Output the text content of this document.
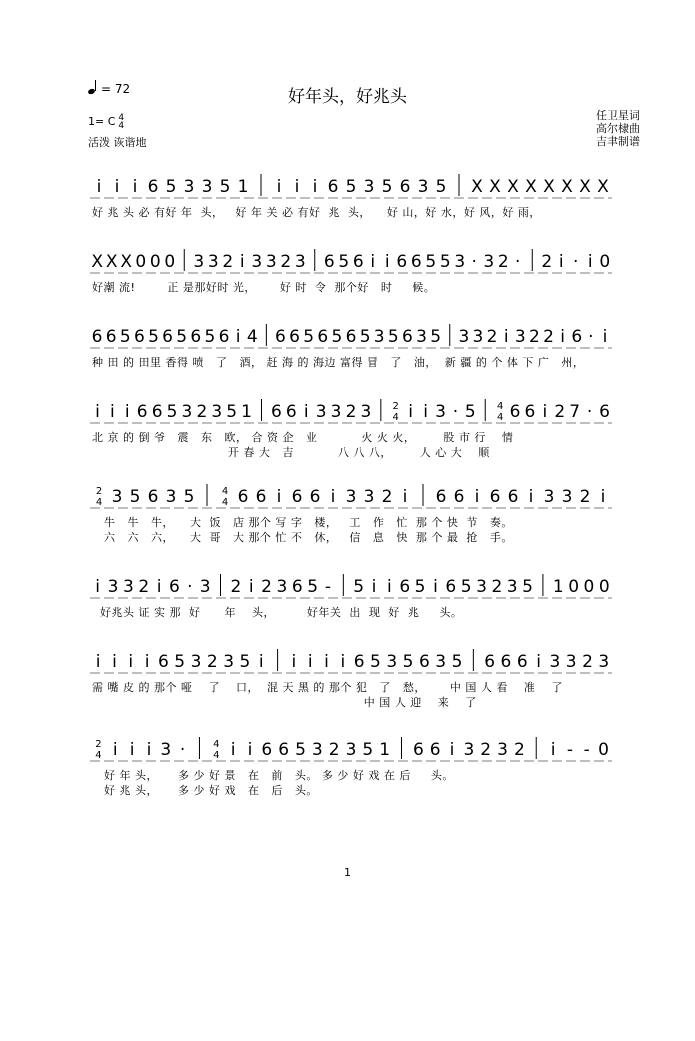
好年头，好兆头
= 72
1= C 4
4
活泼 诙谐地
任卫星词
高尔棣曲
吉聿制谱
i i i 6 5 3 3 5 1 i i i 6 5 3 5 6 3 5 X X X X X X X X
好 兆 头 必 有好 年  头，   好 年 关 必 有好  兆  头，    好 山，好 水，好 风，好 雨，
X X X 0 0 0 3 3 2 i 3 3 2 3 6 5 6 i i 6 6 5 5 3 · 3 2 · 2 i · i 0
好潮 流!        正 是那好时 光，      好 时  令  那个好   时     候。
6 6 5 6 5 6 5 6 5 6 i 4 6 6 5 6 5 6 5 3 5 6 3 5 3 3 2 i 3 2 2 i 6 · i
种 田 的 田里 香得 喷   了   酒， 赶 海 的 海边 富得 冒   了   油，  新 疆 的 个 体 下 广   州，
i i i 6 6 5 3 2 3 5 1 6 6 i 3 3 2 3 2
4 i i 3 · 5 4
4 6 6 i 2 7 · 6
北 京 的 倒 爷   震   东   欧， 合 资 企   业           火 火 火，       股 市 行    情
开 春 大   吉           八 八 八，       人 心 大    顺
2
4 3 5 6 3 5	4
4 6 6 i 6 6 i 3 3 2 i 6 6 i 6 6 i 3 3 2 i
牛   牛   牛，    大  饭   店 那个 写 字   楼，   工   作   忙  那 个 快  节   奏。
六   六   六，    大  哥   大 那个 忙 不   休，   信   息   快  那 个 最  抢   手。
i 3 3 2 i 6 · 3 2 i 2 3 6 5 - 5 i i 6 5 i 6 5 3 2 3 5 1 0 0 0
好兆头 证 实 那  好      年    头，        好年关  出  现  好  兆     头。
i i i i 6 5 3 2 3 5 i i i i i 6 5 3 5 6 3 5 6 6 6 i 3 3 2 3
需 嘴 皮 的 那个 哑    了    口，  混 天 黑 的 那个 犯   了   愁，      中 国 人 看    准    了
中 国 人 迎    来    了
2
4 i i i 3 ·	4
4 i i 6 6 5 3 2 3 5 1 6 6 i 3 2 3 2 i - - 0
好 年 头，     多 少 好 景   在   前   头。 多 少 好 戏 在 后     头。
好 兆 头，     多 少 好 戏   在   后   头。
1
